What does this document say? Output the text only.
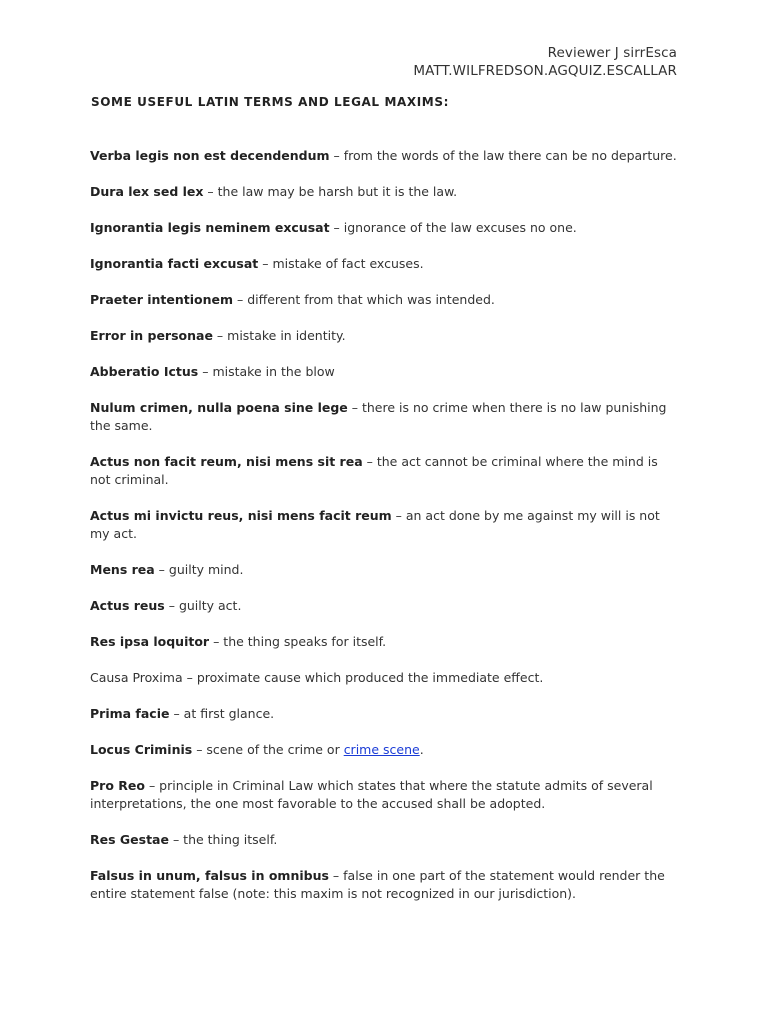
Reviewer J sirrEsca
MATT.WILFREDSON.AGQUIZ.ESCALLAR
SOME USEFUL LATIN TERMS AND LEGAL MAXIMS:

Verba legis non est decendendum – from the words of the law there can be no departure.

Dura lex sed lex – the law may be harsh but it is the law.

Ignorantia legis neminem excusat – ignorance of the law excuses no one.

Ignorantia facti excusat – mistake of fact excuses.

Praeter intentionem – different from that which was intended.

Error in personae – mistake in identity.

Abberatio Ictus – mistake in the blow

Nulum crimen, nulla poena sine lege – there is no crime when there is no law punishing the same.

Actus non facit reum, nisi mens sit rea – the act cannot be criminal where the mind is not criminal.

Actus mi invictu reus, nisi mens facit reum – an act done by me against my will is not my act.

Mens rea – guilty mind.

Actus reus – guilty act.

Res ipsa loquitor – the thing speaks for itself.

Causa Proxima – proximate cause which produced the immediate effect.

Prima facie – at first glance.

Locus Criminis – scene of the crime or crime scene.

Pro Reo – principle in Criminal Law which states that where the statute admits of several interpretations, the one most favorable to the accused shall be adopted.

Res Gestae – the thing itself.

Falsus in unum, falsus in omnibus – false in one part of the statement would render the entire statement false (note: this maxim is not recognized in our jurisdiction).
